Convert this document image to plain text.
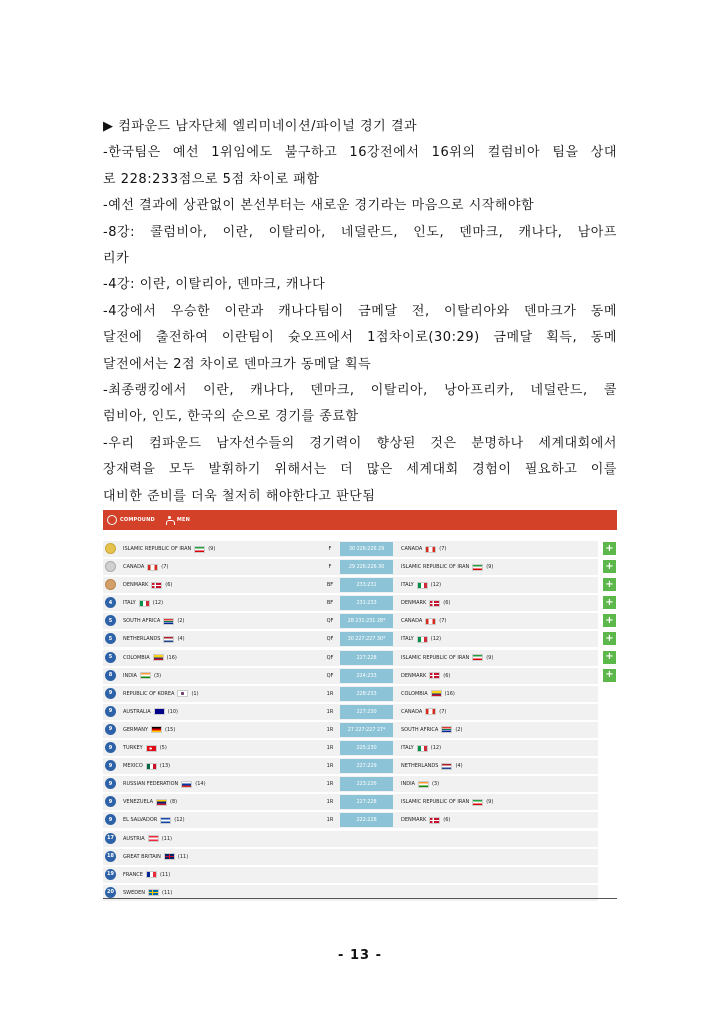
▶ 컴파운드 남자단체 엘리미네이션/파이널 경기 결과
-한국팀은 예선 1위임에도 불구하고 16강전에서 16위의 컬럼비아 팀을 상대
로 228:233점으로 5점 차이로 패함
-예선 결과에 상관없이 본선부터는 새로운 경기라는 마음으로 시작해야함
-8강: 콜럼비아, 이란, 이탈리아, 네덜란드, 인도, 덴마크, 캐나다, 남아프
리카
-4강: 이란, 이탈리아, 덴마크, 캐나다
-4강에서 우승한 이란과 캐나다팀이 금메달 전, 이탈리아와 덴마크가 동메
달전에 출전하여 이란팀이 슛오프에서 1점차이로(30:29) 금메달 획득, 동메
달전에서는 2점 차이로 덴마크가 동메달 획득
-최종랭킹에서 이란, 캐나다, 덴마크, 이탈리아, 낭아프리카, 네덜란드, 콜
럼비아, 인도, 한국의 순으로 경기를 종료함
-우리 컴파운드 남자선수들의 경기력이 향상된 것은 분명하나 세계대회에서
장재력을 모두 발휘하기 위해서는 더 많은 세계대회 경험이 필요하고 이를
대비한 준비를 더욱 철저히 해야한다고 판단됨
COMPOUND	MEN
ISLAMIC REPUBLIC OF IRAN	(9)	F	30 226:226 29	CANADA	(7)	+
CANADA	(7)	F	29 226:226 30	ISLAMIC REPUBLIC OF IRAN	(9)	+
DENMARK	(6)	BF	233:231	ITALY	(12)	+
4	ITALY	(12)	BF	231:233	DENMARK	(6)	+
5	SOUTH AFRICA	(2)	QF	28 231:231 28*	CANADA	(7)	+
5	NETHERLANDS	(4)	QF	30 227:227 30*	ITALY	(12)	+
5	COLOMBIA	(16)	QF	227:228	ISLAMIC REPUBLIC OF IRAN	(9)	+
8	INDIA	(3)	QF	224:233	DENMARK	(6)	+
9	REPUBLIC OF KOREA	(1)	1R	228:233	COLOMBIA	(16)
9	AUSTRALIA	(10)	1R	227:230	CANADA	(7)
9	GERMANY	(15)	1R	27 227:227 27*	SOUTH AFRICA	(2)
9	TURKEY	(5)	1R	225:230	ITALY	(12)
9	MEXICO	(13)	1R	227:229	NETHERLANDS	(4)
9	RUSSIAN FEDERATION	(14)	1R	223:226	INDIA	(3)
9	VENEZUELA	(8)	1R	227:228	ISLAMIC REPUBLIC OF IRAN	(9)
9	EL SALVADOR	(12)	1R	222:228	DENMARK	(6)
17	AUSTRIA	(11)
18	GREAT BRITAIN	(11)
19	FRANCE	(11)
20	SWEDEN	(11)
- 13 -
